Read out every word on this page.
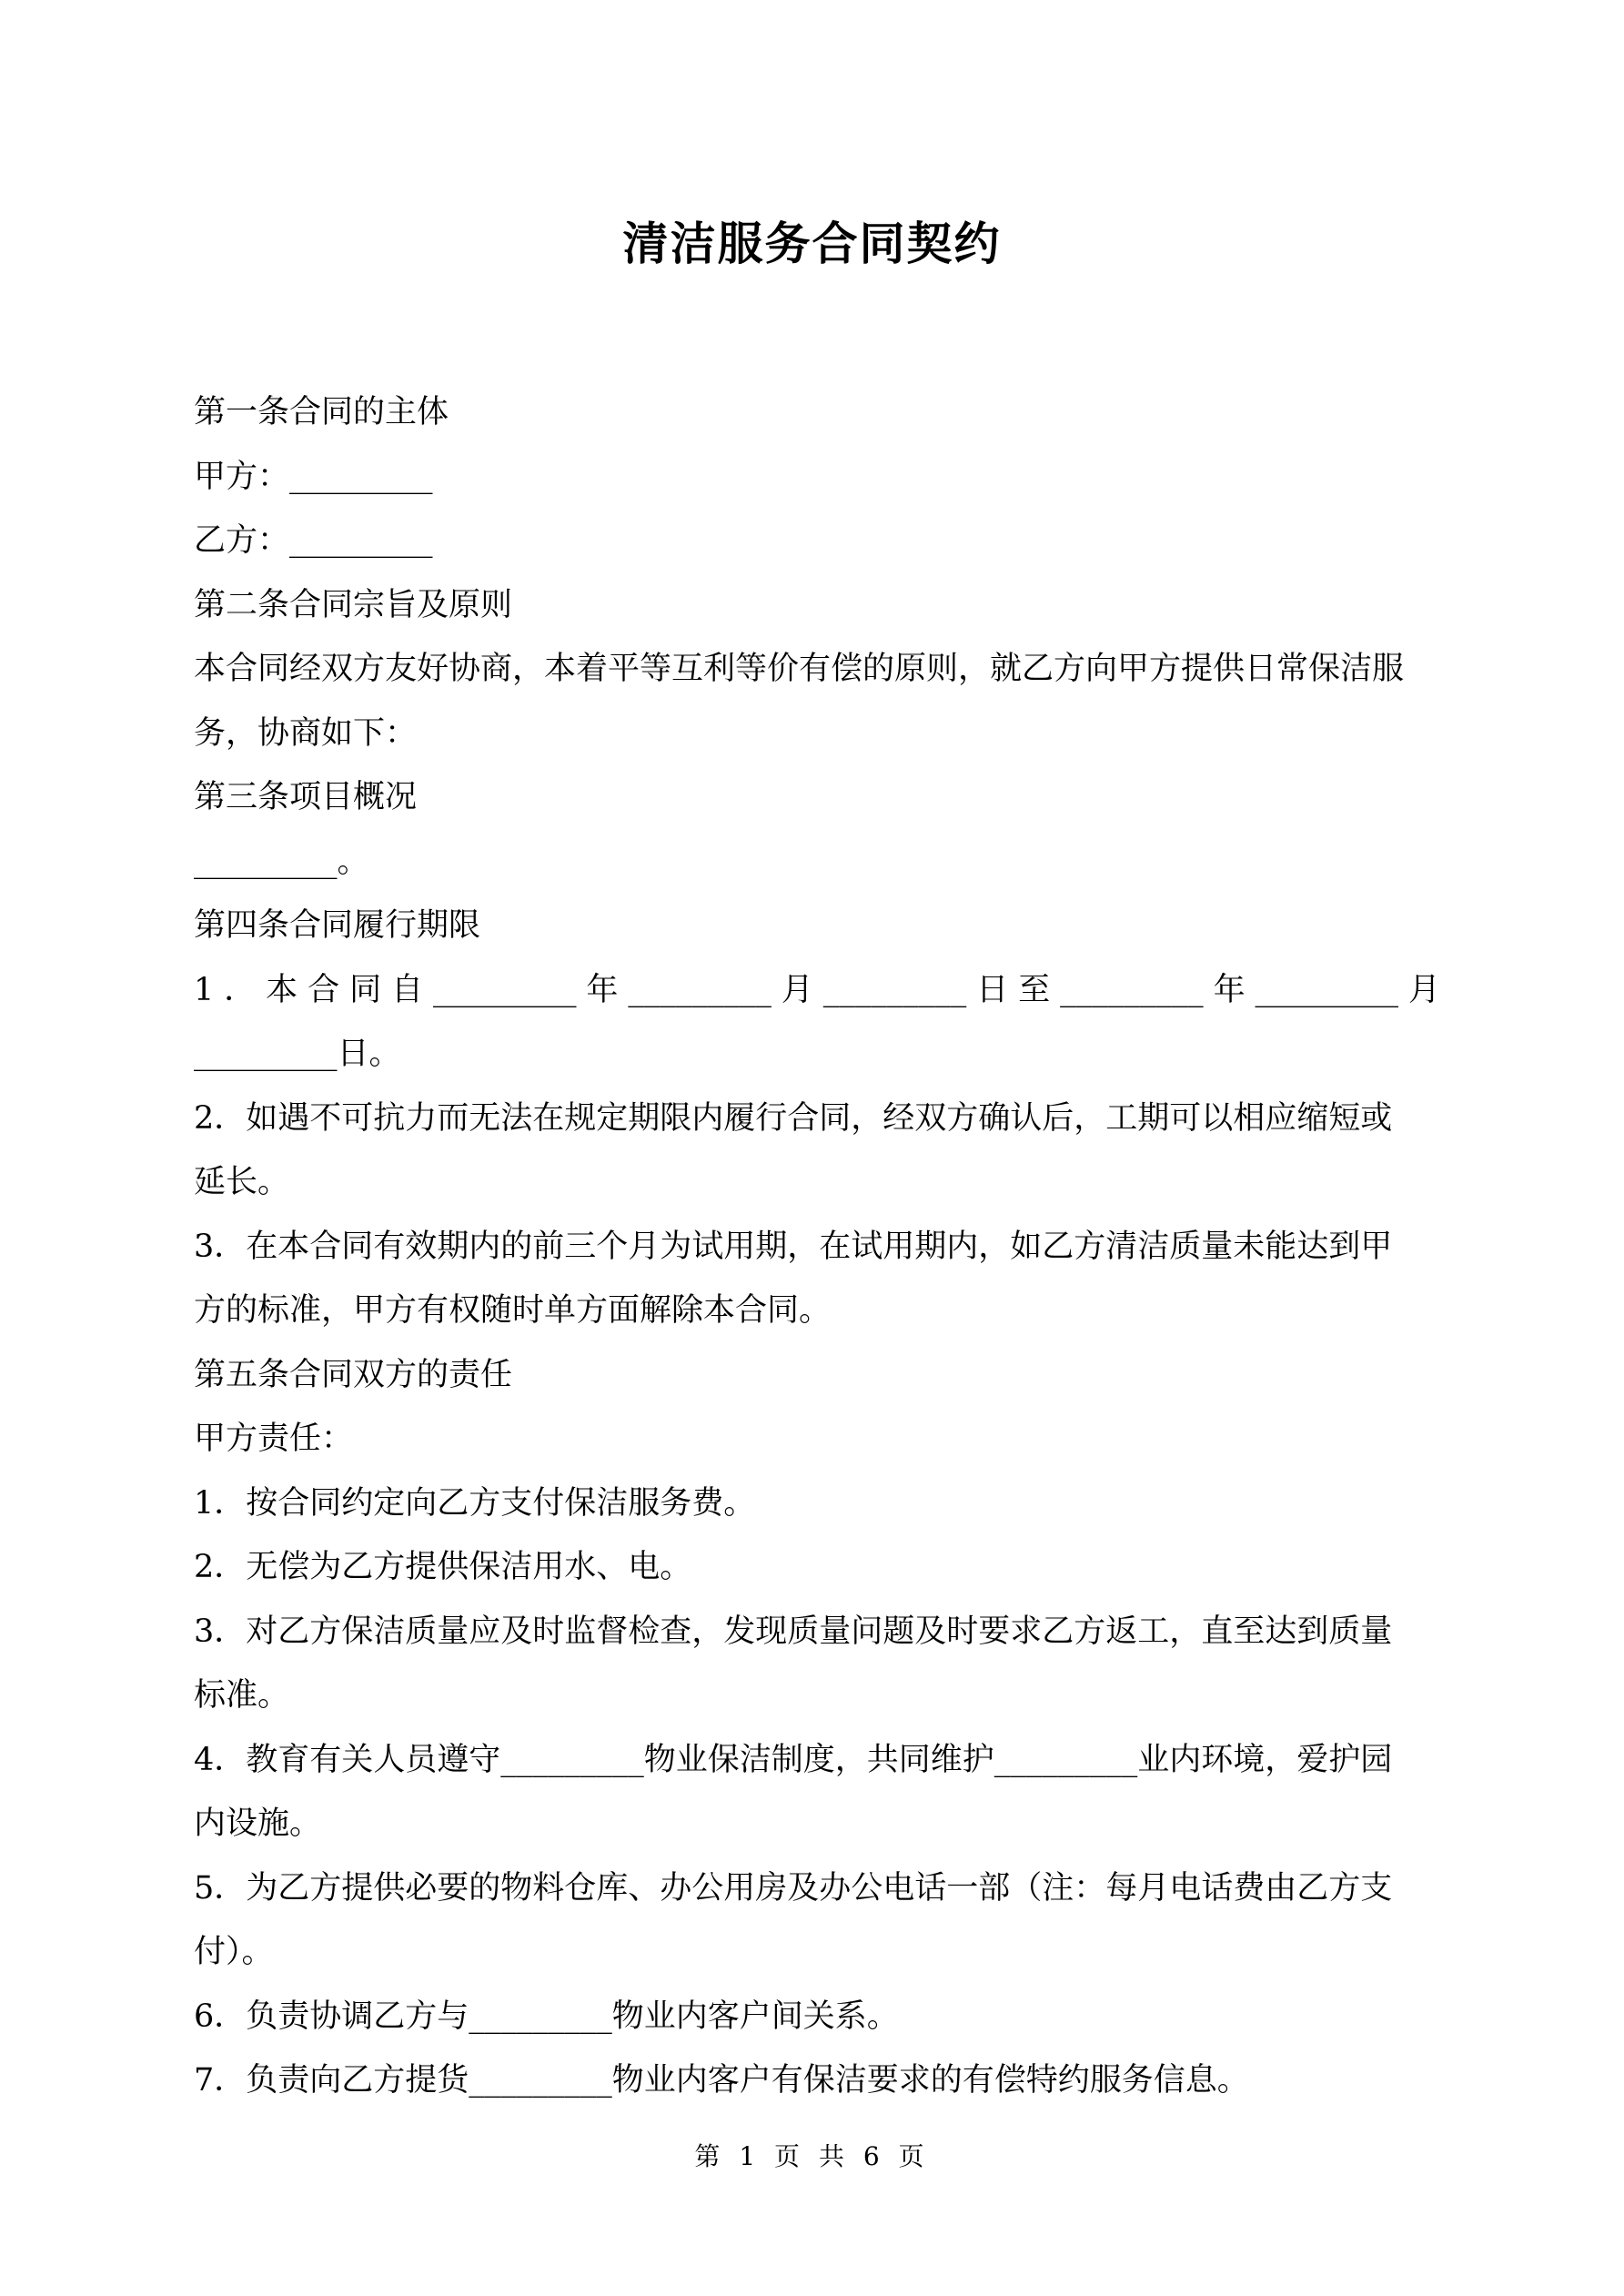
清洁服务合同契约

第一条合同的主体

甲方：_________

乙方：_________

第二条合同宗旨及原则

本合同经双方友好协商，本着平等互利等价有偿的原则，就乙方向甲方提供日常保洁服

务，协商如下：

第三条项目概况

_________。

第四条合同履行期限

1．本合同自_________年_________月_________日至_________年_________月

_________日。

2．如遇不可抗力而无法在规定期限内履行合同，经双方确认后，工期可以相应缩短或

延长。

3．在本合同有效期内的前三个月为试用期，在试用期内，如乙方清洁质量未能达到甲

方的标准，甲方有权随时单方面解除本合同。

第五条合同双方的责任

甲方责任：

1．按合同约定向乙方支付保洁服务费。

2．无偿为乙方提供保洁用水、电。

3．对乙方保洁质量应及时监督检查，发现质量问题及时要求乙方返工，直至达到质量

标准。

4．教育有关人员遵守_________物业保洁制度，共同维护_________业内环境，爱护园

内设施。

5．为乙方提供必要的物料仓库、办公用房及办公电话一部（注：每月电话费由乙方支

付）。

6．负责协调乙方与_________物业内客户间关系。

7．负责向乙方提货_________物业内客户有保洁要求的有偿特约服务信息。

第 1 页 共 6 页
